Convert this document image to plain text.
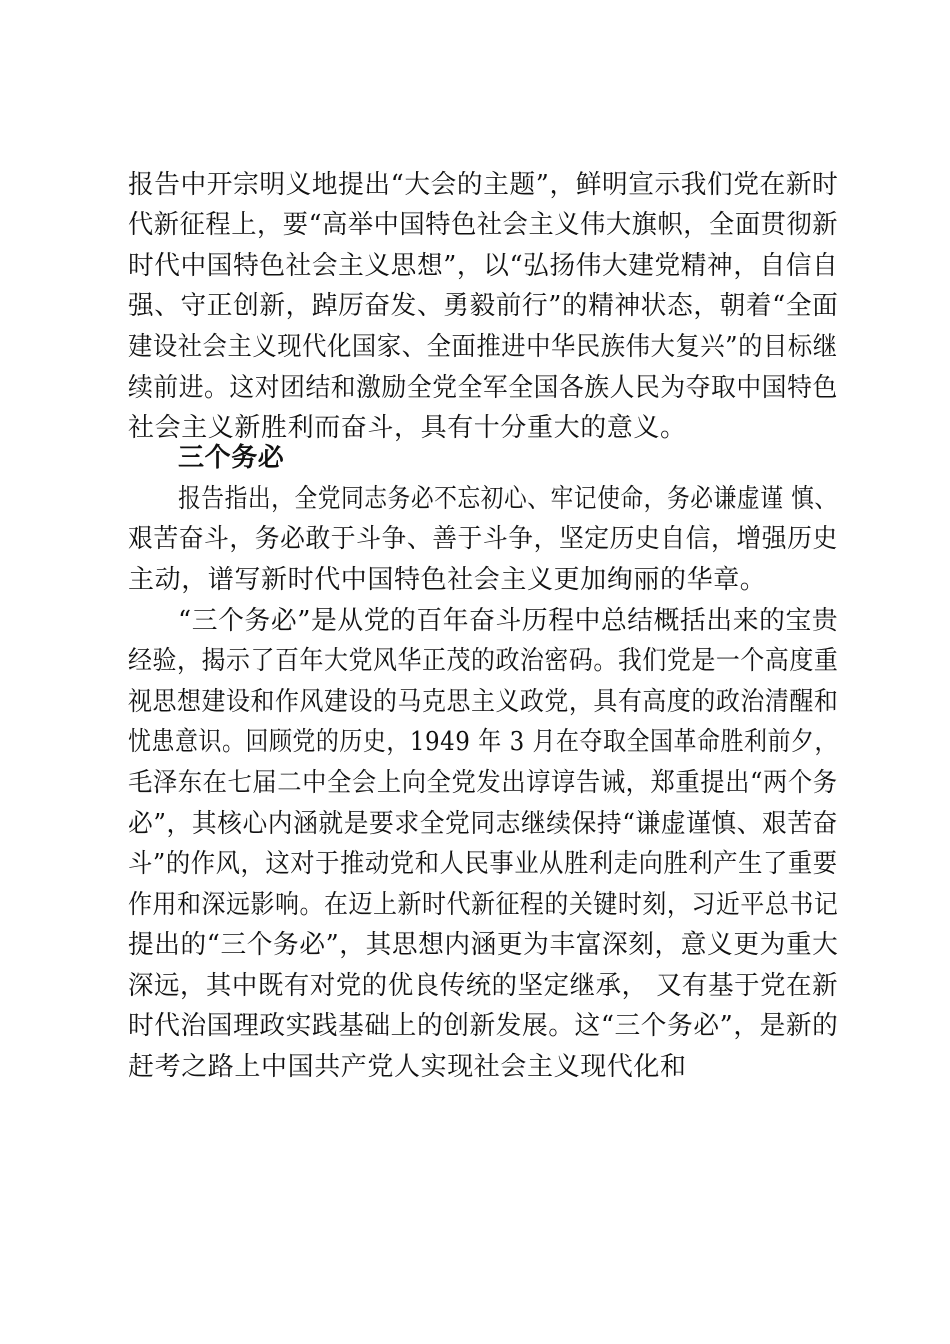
报告中开宗明义地提出“大会的主题”，鲜明宣示我们党在新时
代新征程上，要“高举中国特色社会主义伟大旗帜，全面贯彻新
时代中国特色社会主义思想”，以“弘扬伟大建党精神，自信自
强、守正创新，踔厉奋发、勇毅前行”的精神状态，朝着“全面
建设社会主义现代化国家、全面推进中华民族伟大复兴”的目标继
续前进。这对团结和激励全党全军全国各族人民为夺取中国特色
社会主义新胜利而奋斗，具有十分重大的意义。
三个务必
报告指出，全党同志务必不忘初心、牢记使命，务必谦虚谨 慎、
艰苦奋斗，务必敢于斗争、善于斗争，坚定历史自信，增强历史
主动，谱写新时代中国特色社会主义更加绚丽的华章。
“三个务必”是从党的百年奋斗历程中总结概括出来的宝贵
经验，揭示了百年大党风华正茂的政治密码。我们党是一个高度重
视思想建设和作风建设的马克思主义政党，具有高度的政治清醒和
忧患意识。回顾党的历史，1949 年 3 月在夺取全国革命胜利前夕，
毛泽东在七届二中全会上向全党发出谆谆告诫，郑重提出“两个务
必”，其核心内涵就是要求全党同志继续保持“谦虚谨慎、艰苦奋
斗”的作风，这对于推动党和人民事业从胜利走向胜利产生了重要
作用和深远影响。在迈上新时代新征程的关键时刻，习近平总书记
提出的“三个务必”，其思想内涵更为丰富深刻，意义更为重大
深远，其中既有对党的优良传统的坚定继承， 又有基于党在新
时代治国理政实践基础上的创新发展。这“三个务必”，是新的
赶考之路上中国共产党人实现社会主义现代化和
